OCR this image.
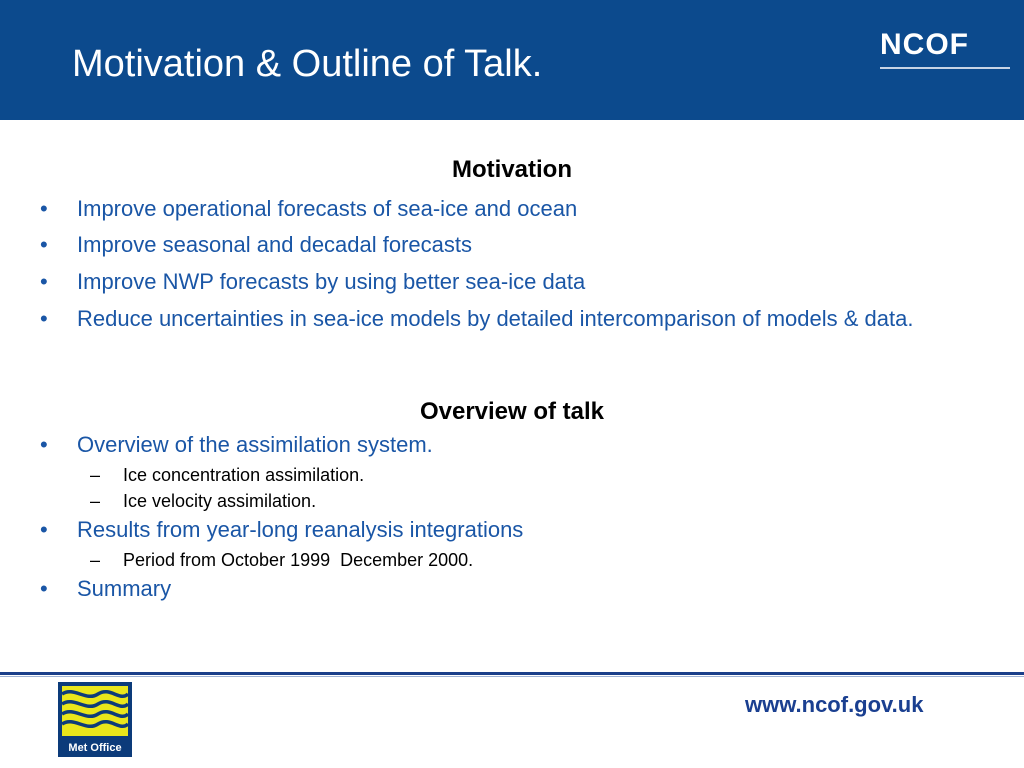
Motivation & Outline of Talk.	NCOF
Motivation
• Improve operational forecasts of sea-ice and ocean
• Improve seasonal and decadal forecasts
• Improve NWP forecasts by using better sea-ice data
• Reduce uncertainties in sea-ice models by detailed intercomparison of models & data.
Overview of talk
• Overview of the assimilation system.
– Ice concentration assimilation.
– Ice velocity assimilation.
• Results from year-long reanalysis integrations
– Period from October 1999  December 2000.
• Summary
Met Office
www.ncof.gov.uk
